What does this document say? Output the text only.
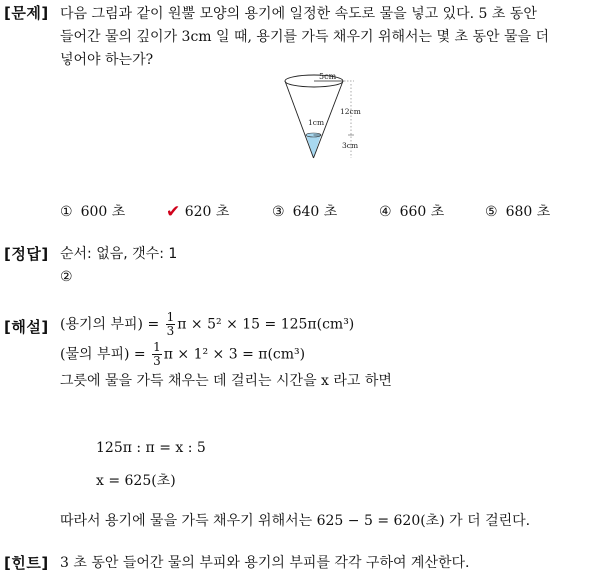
[문제] 다음 그림과 같이 원뿔 모양의 용기에 일정한 속도로 물을 넣고 있다. 5 초 동안
들어간 물의 깊이가 3cm 일 때, 용기를 가득 채우기 위해서는 몇 초 동안 물을 더
넣어야 하는가?
5cm
12cm
1cm
3cm
① 600 초 ✔ 620 초	③ 640 초	④ 660 초	⑤ 680 초
[정답] 순서: 없음, 갯수: 1
②
[해설] (용기의 부피) = $\frac{1}{3}$ π × 5² × 15 = 125π(cm³)
(물의 부피) = $\frac{1}{3}$ π × 1² × 3 = π(cm³)
그릇에 물을 가득 채우는 데 걸리는 시간을 x 라고 하면
125π : π = x : 5
x = 625(초)
따라서 용기에 물을 가득 채우기 위해서는 625 − 5 = 620(초) 가 더 걸린다.
[힌트] 3 초 동안 들어간 물의 부피와 용기의 부피를 각각 구하여 계산한다.
